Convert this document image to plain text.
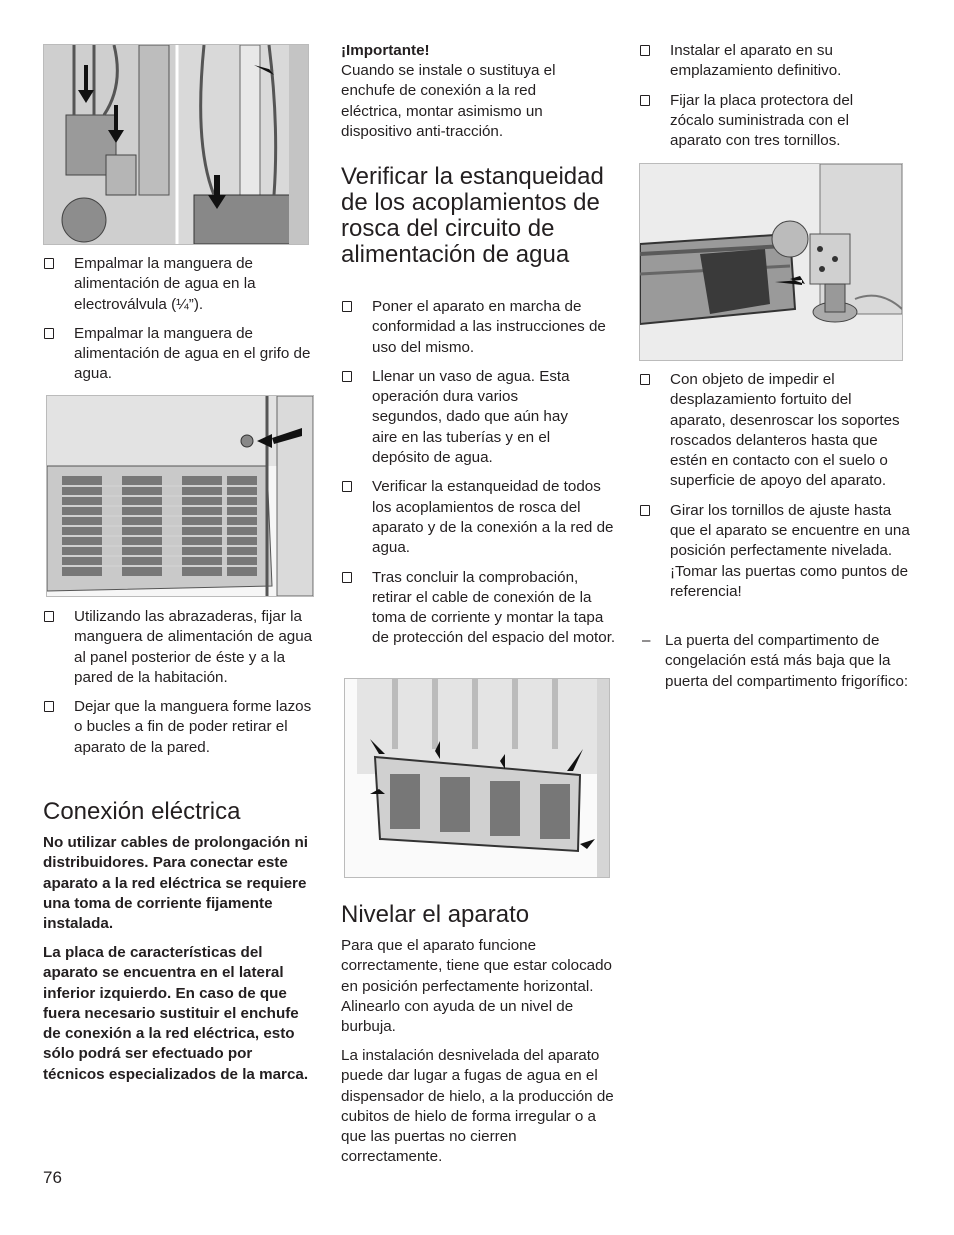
Empalmar la manguera de alimentación de agua en la electroválvula (¼”).
Empalmar la manguera de alimentación de agua en el grifo de agua.
Utilizando las abrazaderas, fijar la manguera de alimentación de agua al panel posterior de éste y a la pared de la habitación.
Dejar que la manguera forme lazos o bucles a fin de poder retirar el aparato de la pared.
Conexión eléctrica

No utilizar cables de prolongación ni distribuidores. Para conectar este aparato a la red eléctrica se requiere una toma de corriente fijamente instalada.

La placa de características del aparato se encuentra en el lateral inferior izquierdo. En caso de que fuera necesario sustituir el enchufe de conexión a la red eléctrica, esto sólo podrá ser efectuado por técnicos especializados de la marca.

¡Importante!

Cuando se instale o sustituya el enchufe de conexión a la red eléctrica, montar asimismo un dispositivo anti-tracción.

Verificar la estanqueidad de los acoplamientos de rosca del circuito de alimentación de agua
Poner el aparato en marcha de conformidad a las instrucciones de uso del mismo.
Llenar un vaso de agua. Esta operación dura varios segundos, dado que aún hay aire en las tuberías y en el depósito de agua.
Verificar la estanqueidad de todos los acoplamientos de rosca del aparato y de la conexión a la red de agua.
Tras concluir la comprobación, retirar el cable de conexión de la toma de corriente y montar la tapa de protección del espacio del motor.
Nivelar el aparato

Para que el aparato funcione correctamente, tiene que estar colocado en posición perfectamente horizontal. Alinearlo con ayuda de un nivel de burbuja.

La instalación desnivelada del aparato puede dar lugar a fugas de agua en el dispensador de hielo, a la producción de cubitos de hielo de forma irregular o a que las puertas no cierren correctamente.

Instalar el aparato en su emplazamiento definitivo.
Fijar la placa protectora del zócalo suministrada con el aparato con tres tornillos.
Con objeto de impedir el desplazamiento fortuito del aparato, desenroscar los soportes roscados delanteros hasta que estén en contacto con el suelo o superficie de apoyo del aparato.
Girar los tornillos de ajuste hasta que el aparato se encuentre en una posición perfectamente nivelada. ¡Tomar las puertas como puntos de referencia!
– La puerta del compartimento de congelación está más baja que la puerta del compartimento frigorífico:
76
